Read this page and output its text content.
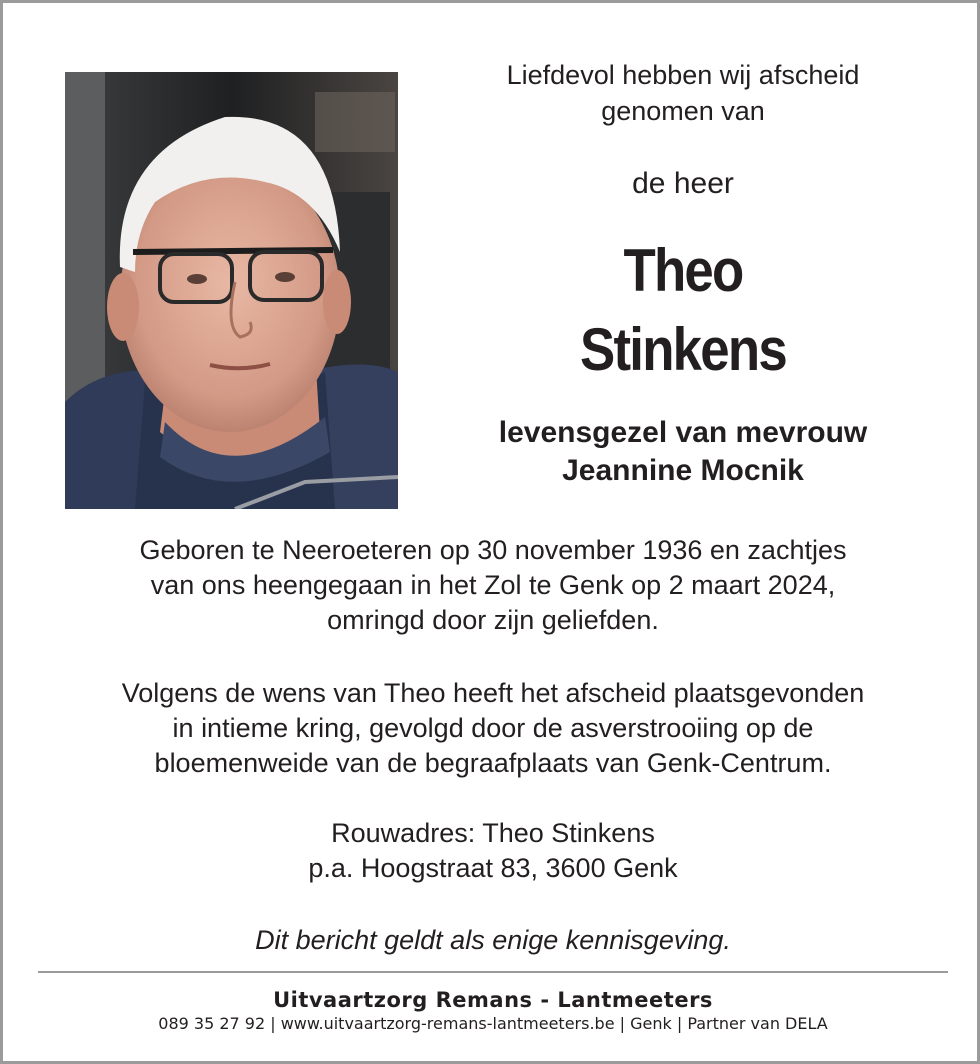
Liefdevol hebben wij afscheid
genomen van
de heer
Theo
Stinkens
levensgezel van mevrouw
Jeannine Mocnik
Geboren te Neeroeteren op 30 november 1936 en zachtjes
van ons heengegaan in het Zol te Genk op 2 maart 2024,
omringd door zijn geliefden.
Volgens de wens van Theo heeft het afscheid plaatsgevonden
in intieme kring, gevolgd door de asverstrooiing op de
bloemenweide van de begraafplaats van Genk-Centrum.
Rouwadres: Theo Stinkens
p.a. Hoogstraat 83, 3600 Genk
Dit bericht geldt als enige kennisgeving.
Uitvaartzorg Remans - Lantmeeters
089 35 27 92 | www.uitvaartzorg-remans-lantmeeters.be | Genk | Partner van DELA
